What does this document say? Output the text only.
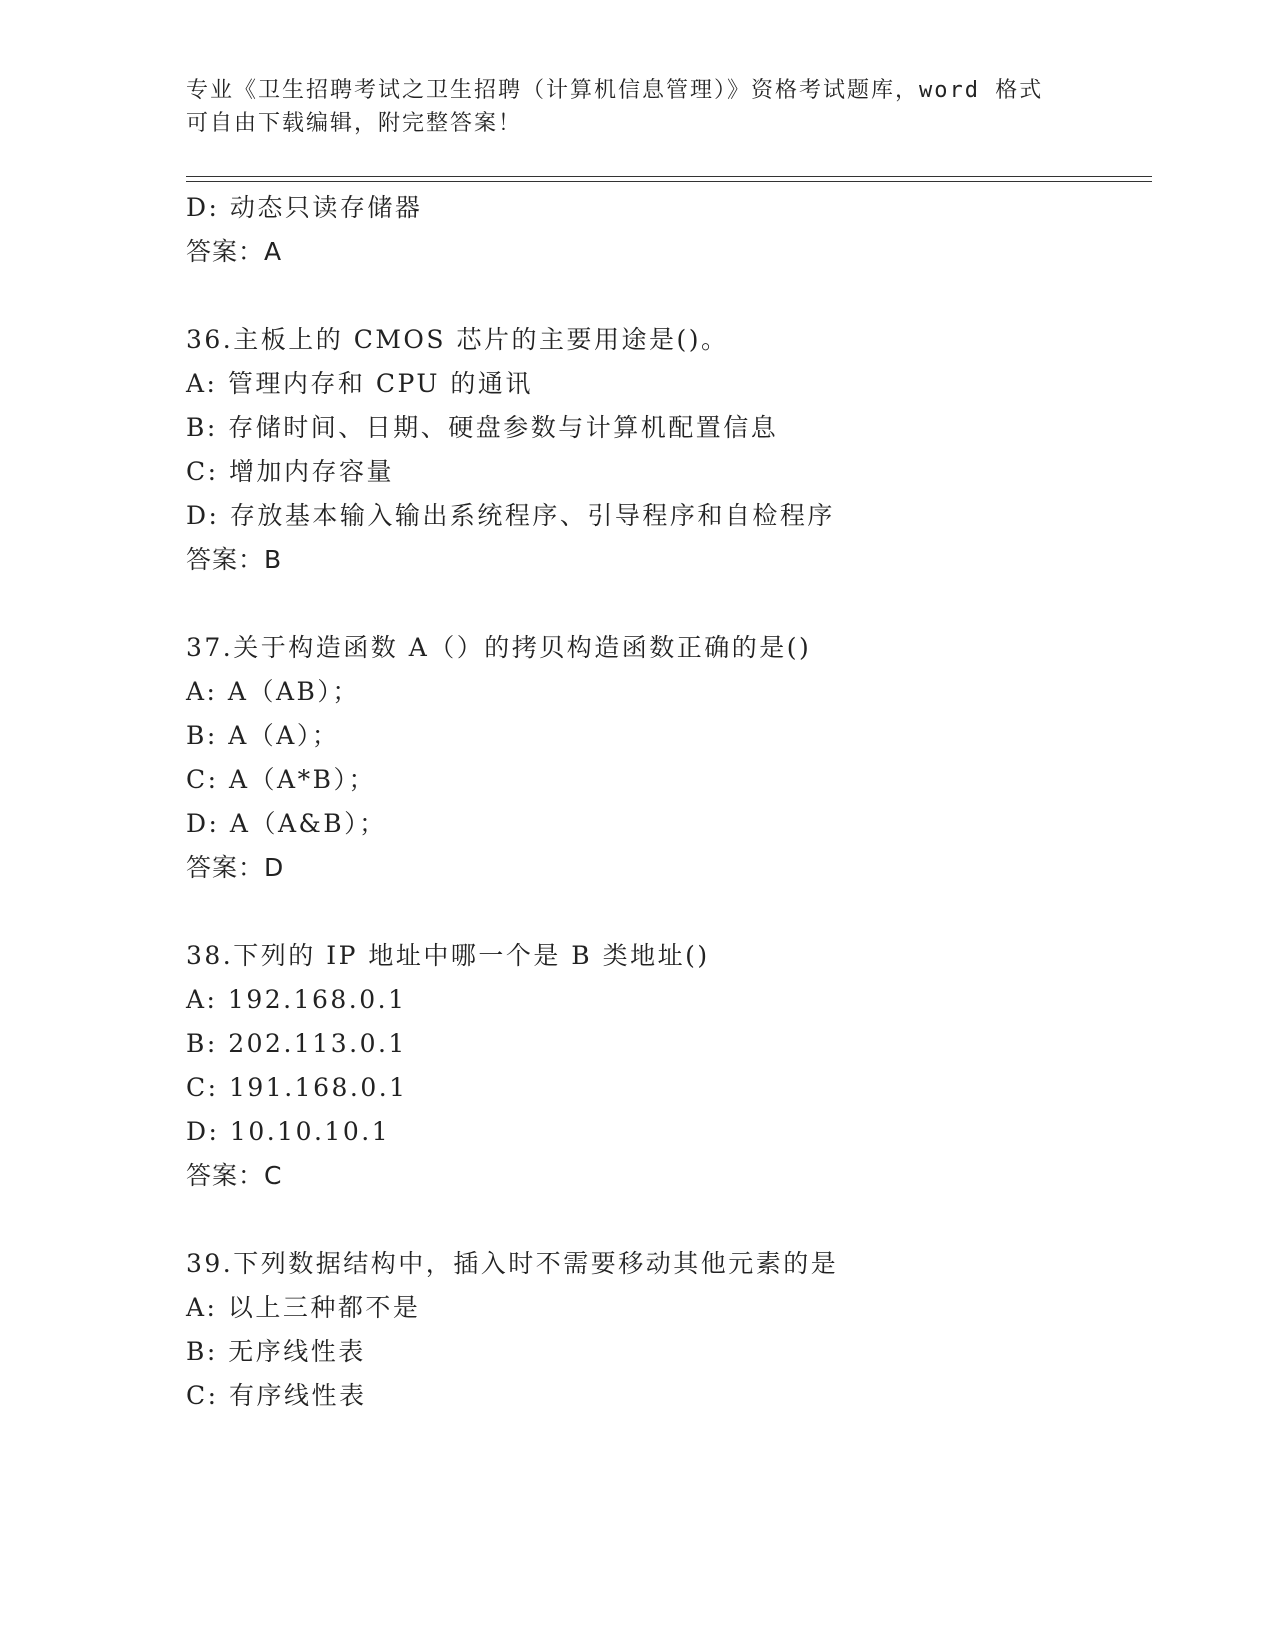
专业《卫生招聘考试之卫生招聘（计算机信息管理）》资格考试题库，word 格式
可自由下载编辑，附完整答案！
D: 动态只读存储器
答案：A
36.主板上的 CMOS 芯片的主要用途是()。
A: 管理内存和 CPU 的通讯
B: 存储时间、日期、硬盘参数与计算机配置信息
C: 增加内存容量
D: 存放基本输入输出系统程序、引导程序和自检程序
答案：B
37.关于构造函数 A（）的拷贝构造函数正确的是()
A: A（AB）；
B: A（A）；
C: A（A*B）；
D: A（A&B）；
答案：D
38.下列的 IP 地址中哪一个是 B 类地址()
A: 192.168.0.1
B: 202.113.0.1
C: 191.168.0.1
D: 10.10.10.1
答案：C
39.下列数据结构中，插入时不需要移动其他元素的是
A: 以上三种都不是
B: 无序线性表
C: 有序线性表
